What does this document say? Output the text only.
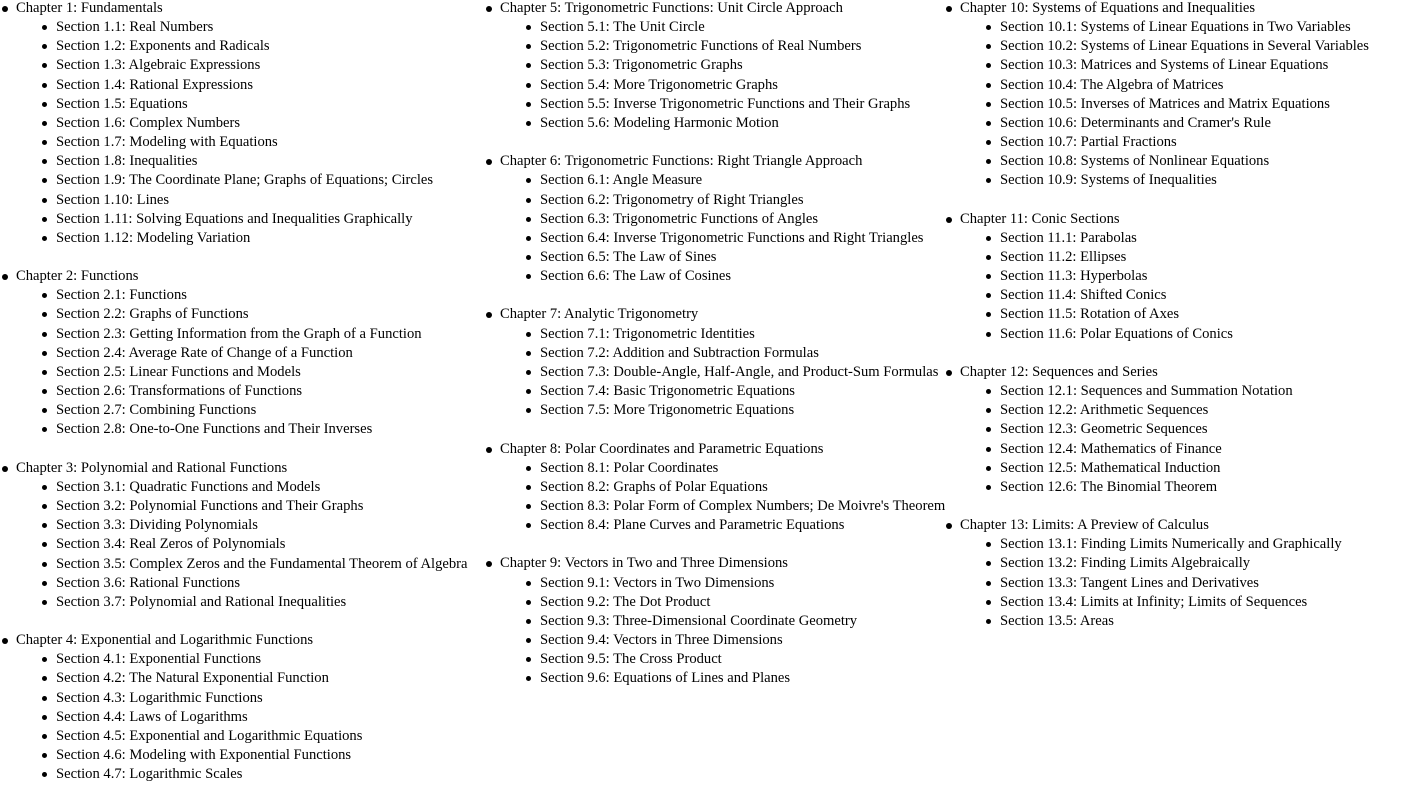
Chapter 1: Fundamentals
Section 1.1: Real Numbers
Section 1.2: Exponents and Radicals
Section 1.3: Algebraic Expressions
Section 1.4: Rational Expressions
Section 1.5: Equations
Section 1.6: Complex Numbers
Section 1.7: Modeling with Equations
Section 1.8: Inequalities
Section 1.9: The Coordinate Plane; Graphs of Equations; Circles
Section 1.10: Lines
Section 1.11: Solving Equations and Inequalities Graphically
Section 1.12: Modeling Variation
Chapter 2: Functions
Section 2.1: Functions
Section 2.2: Graphs of Functions
Section 2.3: Getting Information from the Graph of a Function
Section 2.4: Average Rate of Change of a Function
Section 2.5: Linear Functions and Models
Section 2.6: Transformations of Functions
Section 2.7: Combining Functions
Section 2.8: One-to-One Functions and Their Inverses
Chapter 3: Polynomial and Rational Functions
Section 3.1: Quadratic Functions and Models
Section 3.2: Polynomial Functions and Their Graphs
Section 3.3: Dividing Polynomials
Section 3.4: Real Zeros of Polynomials
Section 3.5: Complex Zeros and the Fundamental Theorem of Algebra
Section 3.6: Rational Functions
Section 3.7: Polynomial and Rational Inequalities
Chapter 4: Exponential and Logarithmic Functions
Section 4.1: Exponential Functions
Section 4.2: The Natural Exponential Function
Section 4.3: Logarithmic Functions
Section 4.4: Laws of Logarithms
Section 4.5: Exponential and Logarithmic Equations
Section 4.6: Modeling with Exponential Functions
Section 4.7: Logarithmic Scales
Chapter 5: Trigonometric Functions: Unit Circle Approach
Section 5.1: The Unit Circle
Section 5.2: Trigonometric Functions of Real Numbers
Section 5.3: Trigonometric Graphs
Section 5.4: More Trigonometric Graphs
Section 5.5: Inverse Trigonometric Functions and Their Graphs
Section 5.6: Modeling Harmonic Motion
Chapter 6: Trigonometric Functions: Right Triangle Approach
Section 6.1: Angle Measure
Section 6.2: Trigonometry of Right Triangles
Section 6.3: Trigonometric Functions of Angles
Section 6.4: Inverse Trigonometric Functions and Right Triangles
Section 6.5: The Law of Sines
Section 6.6: The Law of Cosines
Chapter 7: Analytic Trigonometry
Section 7.1: Trigonometric Identities
Section 7.2: Addition and Subtraction Formulas
Section 7.3: Double-Angle, Half-Angle, and Product-Sum Formulas
Section 7.4: Basic Trigonometric Equations
Section 7.5: More Trigonometric Equations
Chapter 8: Polar Coordinates and Parametric Equations
Section 8.1: Polar Coordinates
Section 8.2: Graphs of Polar Equations
Section 8.3: Polar Form of Complex Numbers; De Moivre's Theorem
Section 8.4: Plane Curves and Parametric Equations
Chapter 9: Vectors in Two and Three Dimensions
Section 9.1: Vectors in Two Dimensions
Section 9.2: The Dot Product
Section 9.3: Three-Dimensional Coordinate Geometry
Section 9.4: Vectors in Three Dimensions
Section 9.5: The Cross Product
Section 9.6: Equations of Lines and Planes
Chapter 10: Systems of Equations and Inequalities
Section 10.1: Systems of Linear Equations in Two Variables
Section 10.2: Systems of Linear Equations in Several Variables
Section 10.3: Matrices and Systems of Linear Equations
Section 10.4: The Algebra of Matrices
Section 10.5: Inverses of Matrices and Matrix Equations
Section 10.6: Determinants and Cramer's Rule
Section 10.7: Partial Fractions
Section 10.8: Systems of Nonlinear Equations
Section 10.9: Systems of Inequalities
Chapter 11: Conic Sections
Section 11.1: Parabolas
Section 11.2: Ellipses
Section 11.3: Hyperbolas
Section 11.4: Shifted Conics
Section 11.5: Rotation of Axes
Section 11.6: Polar Equations of Conics
Chapter 12: Sequences and Series
Section 12.1: Sequences and Summation Notation
Section 12.2: Arithmetic Sequences
Section 12.3: Geometric Sequences
Section 12.4: Mathematics of Finance
Section 12.5: Mathematical Induction
Section 12.6: The Binomial Theorem
Chapter 13: Limits: A Preview of Calculus
Section 13.1: Finding Limits Numerically and Graphically
Section 13.2: Finding Limits Algebraically
Section 13.3: Tangent Lines and Derivatives
Section 13.4: Limits at Infinity; Limits of Sequences
Section 13.5: Areas
